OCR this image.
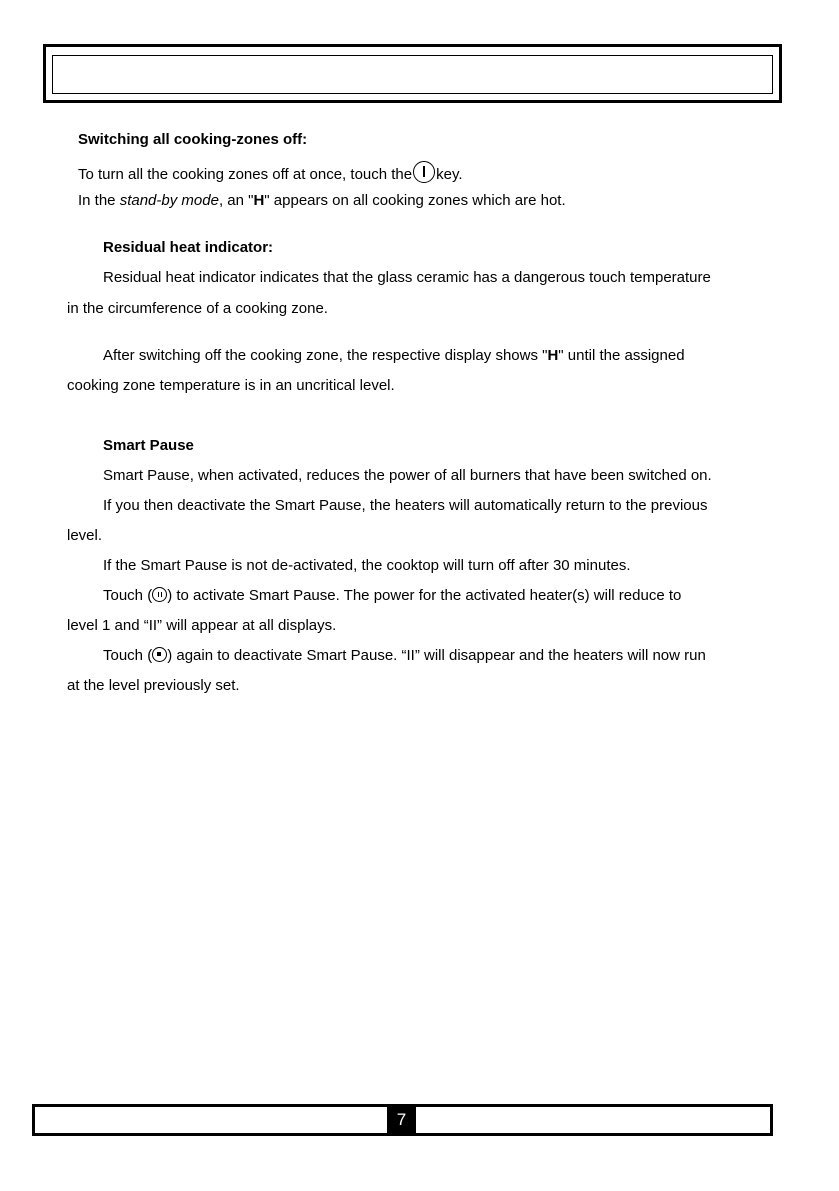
Switching all cooking-zones off:
To turn all the cooking zones off at once, touch the key.
In the stand-by mode, an "H" appears on all cooking zones which are hot.
Residual heat indicator:
Residual heat indicator indicates that the glass ceramic has a dangerous touch temperature
in the circumference of a cooking zone.
After switching off the cooking zone, the respective display shows "H" until the assigned
cooking zone temperature is in an uncritical level.
Smart Pause
Smart Pause, when activated, reduces the power of all burners that have been switched on.
If you then deactivate the Smart Pause, the heaters will automatically return to the previous
level.
If the Smart Pause is not de-activated, the cooktop will turn off after 30 minutes.
Touch ( ) to activate Smart Pause. The power for the activated heater(s) will reduce to
level 1 and “II” will appear at all displays.
Touch ( ) again to deactivate Smart Pause. “II” will disappear and the heaters will now run
at the level previously set.
7
